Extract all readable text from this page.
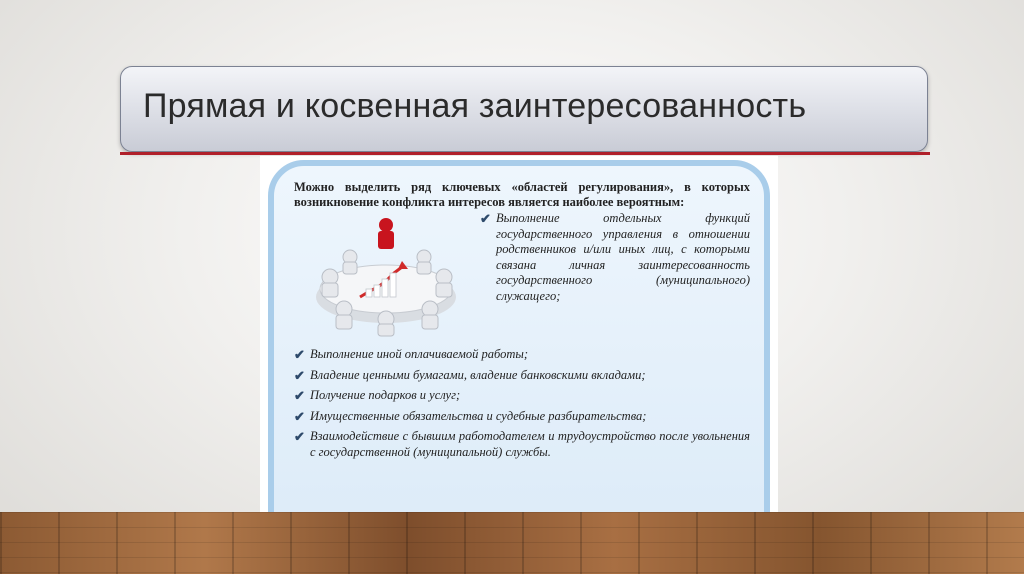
Прямая и косвенная заинтересованность

Можно выделить ряд ключевых «областей регулирования», в которых возникновение конфликта интересов является наиболее вероятным:

✔ Выполнение отдельных функций государственного управления в отношении родственников и/или иных лиц, с которыми связана личная заинтересованность государственного (муниципального) служащего;
✔ Выполнение иной оплачиваемой работы;
✔ Владение ценными бумагами, владение банковскими вкладами;
✔ Получение подарков и услуг;
✔ Имущественные обязательства и судебные разбирательства;
✔ Взаимодействие с бывшим работодателем и трудоустройство после увольнения с государственной (муниципальной) службы.
